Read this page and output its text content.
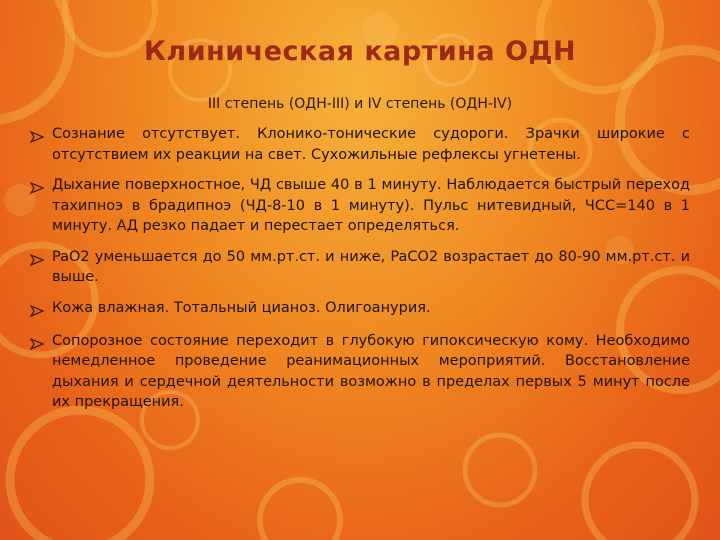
Клиническая картина ОДН
III степень (ОДН-III) и IV степень (ОДН-IV)
Сознание отсутствует. Клонико-тонические судороги. Зрачки широкие с отсутствием их реакции на свет. Сухожильные рефлексы угнетены.
Дыхание поверхностное, ЧД свыше 40 в 1 минуту. Наблюдается быстрый переход тахипноэ в брадипноэ (ЧД-8-10 в 1 минуту). Пульс нитевидный, ЧСС=140 в 1 минуту. АД резко падает и перестает определяться.
PaO2 уменьшается до 50 мм.рт.ст. и ниже, PaCO2 возрастает до 80-90 мм.рт.ст. и выше.
Кожа влажная. Тотальный цианоз. Олигоанурия.
Сопорозное состояние переходит в глубокую гипоксическую кому. Необходимо немедленное проведение реанимационных мероприятий. Восстановление дыхания и сердечной деятельности возможно в пределах первых 5 минут после их прекращения.
